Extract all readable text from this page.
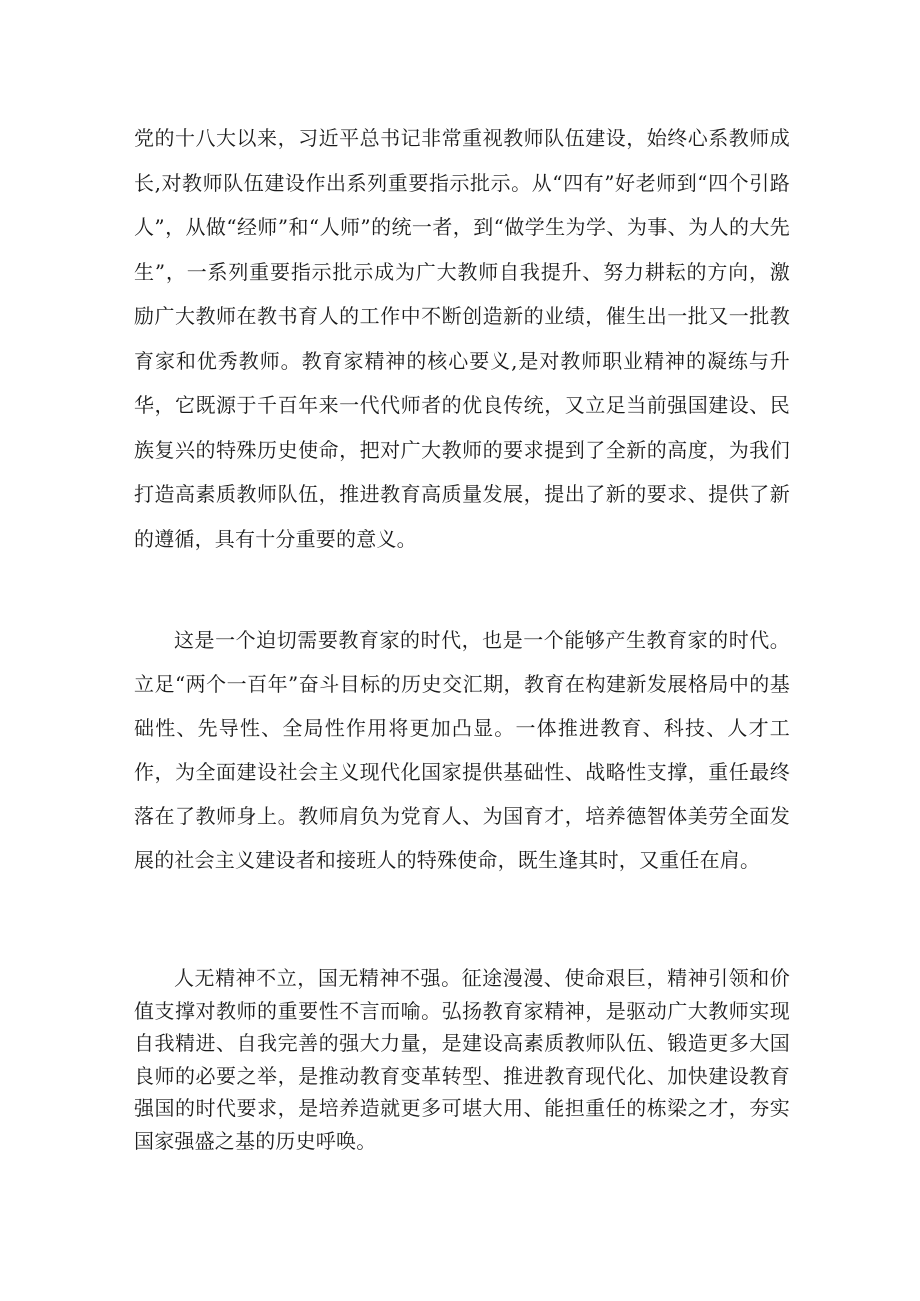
党的十八大以来，习近平总书记非常重视教师队伍建设，始终心系教师成长,对教师队伍建设作出系列重要指示批示。从“四有”好老师到“四个引路人”，从做“经师”和“人师”的统一者，到“做学生为学、为事、为人的大先生”，一系列重要指示批示成为广大教师自我提升、努力耕耘的方向，激励广大教师在教书育人的工作中不断创造新的业绩，催生出一批又一批教育家和优秀教师。教育家精神的核心要义,是对教师职业精神的凝练与升华，它既源于千百年来一代代师者的优良传统，又立足当前强国建设、民族复兴的特殊历史使命，把对广大教师的要求提到了全新的高度，为我们打造高素质教师队伍，推进教育高质量发展，提出了新的要求、提供了新的遵循，具有十分重要的意义。

这是一个迫切需要教育家的时代，也是一个能够产生教育家的时代。立足“两个一百年”奋斗目标的历史交汇期，教育在构建新发展格局中的基础性、先导性、全局性作用将更加凸显。一体推进教育、科技、人才工作，为全面建设社会主义现代化国家提供基础性、战略性支撑，重任最终落在了教师身上。教师肩负为党育人、为国育才，培养德智体美劳全面发展的社会主义建设者和接班人的特殊使命，既生逢其时，又重任在肩。

人无精神不立，国无精神不强。征途漫漫、使命艰巨，精神引领和价值支撑对教师的重要性不言而喻。弘扬教育家精神，是驱动广大教师实现自我精进、自我完善的强大力量，是建设高素质教师队伍、锻造更多大国良师的必要之举，是推动教育变革转型、推进教育现代化、加快建设教育强国的时代要求，是培养造就更多可堪大用、能担重任的栋梁之才，夯实国家强盛之基的历史呼唤。
